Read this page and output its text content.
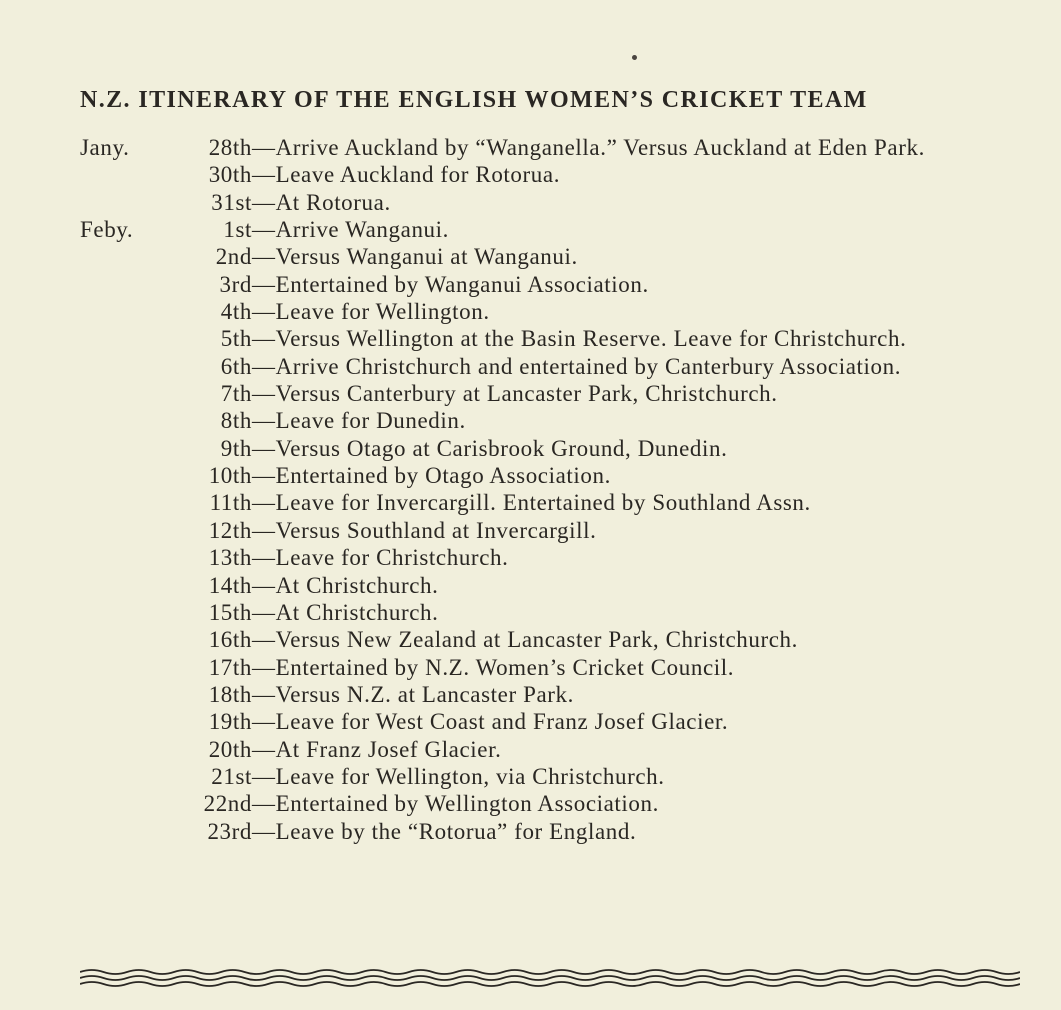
N.Z. ITINERARY OF THE ENGLISH WOMEN’S CRICKET TEAM
Jany.	28th —Arrive Auckland by “Wanganella.” Versus Auckland at Eden Park.
30th —Leave Auckland for Rotorua.
31st —At Rotorua.
Feby.	1st —Arrive Wanganui.
2nd —Versus Wanganui at Wanganui.
3rd —Entertained by Wanganui Association.
4th —Leave for Wellington.
5th —Versus Wellington at the Basin Reserve. Leave for Christchurch.
6th —Arrive Christchurch and entertained by Canterbury Association.
7th —Versus Canterbury at Lancaster Park, Christchurch.
8th —Leave for Dunedin.
9th —Versus Otago at Carisbrook Ground, Dunedin.
10th —Entertained by Otago Association.
11th —Leave for Invercargill. Entertained by Southland Assn.
12th —Versus Southland at Invercargill.
13th —Leave for Christchurch.
14th —At Christchurch.
15th —At Christchurch.
16th —Versus New Zealand at Lancaster Park, Christchurch.
17th —Entertained by N.Z. Women’s Cricket Council.
18th —Versus N.Z. at Lancaster Park.
19th —Leave for West Coast and Franz Josef Glacier.
20th —At Franz Josef Glacier.
21st —Leave for Wellington, via Christchurch.
22nd —Entertained by Wellington Association.
23rd —Leave by the “Rotorua” for England.
